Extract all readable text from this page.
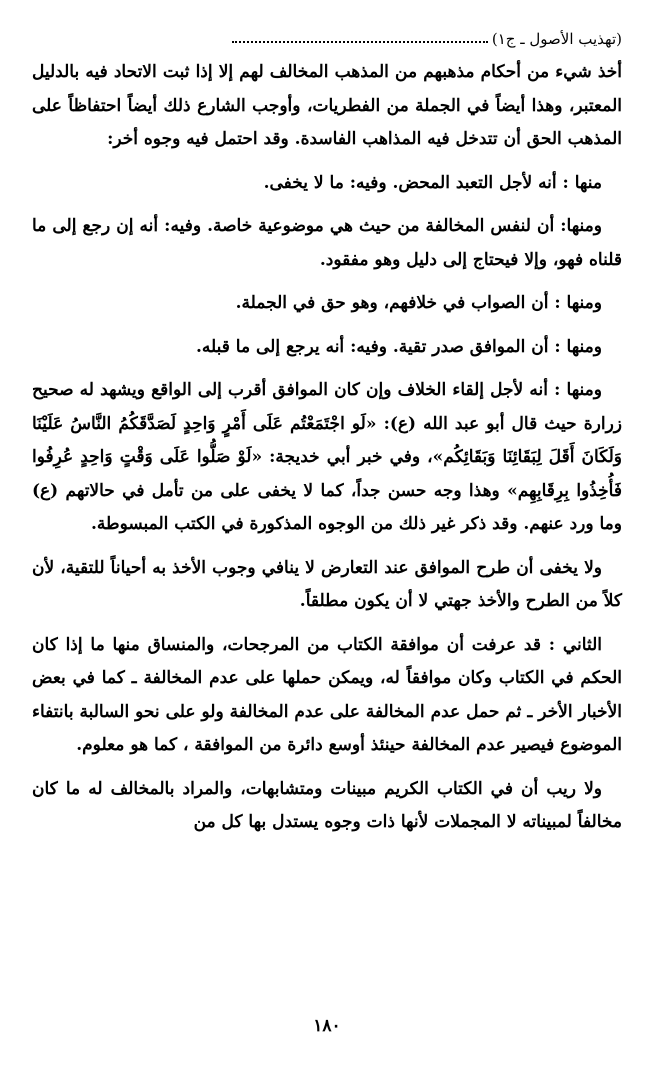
(تهذيب الأصول ـ ج١)

أخذ شيء من أحكام مذهبهم من المذهب المخالف لهم إلا إذا ثبت الاتحاد فيه بالدليل المعتبر، وهذا أيضاً في الجملة من الفطريات، وأوجب الشارع ذلك أيضاً احتفاظاً على المذهب الحق أن تتدخل فيه المذاهب الفاسدة. وقد احتمل فيه وجوه أخر:

منها : أنه لأجل التعبد المحض. وفيه: ما لا يخفى.

ومنها: أن لنفس المخالفة من حيث هي موضوعية خاصة. وفيه: أنه إن رجع إلى ما قلناه فهو، وإلا فيحتاج إلى دليل وهو مفقود.

ومنها : أن الصواب في خلافهم، وهو حق في الجملة.

ومنها : أن الموافق صدر تقية. وفيه: أنه يرجع إلى ما قبله.

ومنها : أنه لأجل إلقاء الخلاف وإن كان الموافق أقرب إلى الواقع ويشهد له صحيح زرارة حيث قال أبو عبد الله (ع): «لَو اجْتَمَعْتُم عَلَى أَمْرٍ وَاحِدٍ لَصَدَّقَكُمُ النَّاسُ عَلَيْنَا وَلَكَانَ أَقَلَ لِبَقَائِنَا وَبَقَائِكُم»، وفي خبر أبي خديجة: «لَوْ صَلُّوا عَلَى وَقْتٍ وَاحِدٍ عُرِفُوا فَأُخِذُوا بِرِقَابِهِم» وهذا وجه حسن جداً، كما لا يخفى على من تأمل في حالاتهم (ع) وما ورد عنهم. وقد ذكر غير ذلك من الوجوه المذكورة في الكتب المبسوطة.

ولا يخفى أن طرح الموافق عند التعارض لا ينافي وجوب الأخذ به أحياناً للتقية، لأن كلاً من الطرح والأخذ جهتي لا أن يكون مطلقاً.

الثاني : قد عرفت أن موافقة الكتاب من المرجحات، والمنساق منها ما إذا كان الحكم في الكتاب وكان موافقاً له، ويمكن حملها على عدم المخالفة ـ كما في بعض الأخبار الأخر ـ ثم حمل عدم المخالفة على عدم المخالفة ولو على نحو السالبة بانتفاء الموضوع فيصير عدم المخالفة حينئذ أوسع دائرة من الموافقة ، كما هو معلوم.

ولا ريب أن في الكتاب الكريم مبينات ومتشابهات، والمراد بالمخالف له ما كان مخالفاً لمبيناته لا المجملات لأنها ذات وجوه يستدل بها كل من

١٨٠
